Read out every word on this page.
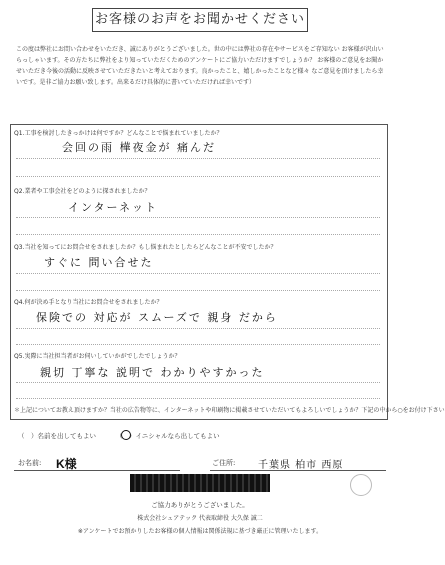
お客様のお声をお聞かせください
この度は弊社にお問い合わせをいただき、誠にありがとうございました。世の中には弊社の存在やサービスをご存知ない お客様が沢山いらっしゃいます。その方たちに弊社をより知っていただくためのアンケートにご協力いただけますでしょうか？ お客様のご意見をお聞かせいただき今後の活動に反映させていただきたいと考えております。良かったこと、嬉しかったことなど様々 なご意見を頂けましたら幸いです。是非ご協力お願い致します。出来るだけ具体的に書いていただければ幸いです）
Q1.工事を検討したきっかけは何ですか？どんなことで悩まれていましたか？
会回の雨 樺夜金が 痛んだ
Q2.業者や工事会社をどのように探されましたか？
インターネット
Q3.当社を知ってにお問合せをされましたか？もし悩まれたとしたらどんなことが不安でしたか？
すぐに 問い合せた
Q4.何が決め手となり当社にお問合せをされましたか？
保険での 対応が スムーズで 親身 だから
Q5.実際に当社担当者がお伺いしていかがでしたでしょうか？
親切 丁寧な 説明で わかりやすかった
＊上記についてお教え頂けますか？当社の広告物等に、インターネットや印刷物に掲載させていただいてもよろしいでしょうか？下記の中から○をお付け下さい
（　）名前を出してもよい	（　）イニシャルなら出してもよい
お名前: K様	ご住所: 千葉県 柏市 西原
ご協力ありがとうございました。
株式会社シュアテック 代表取締役 大久保 誠二
※アンケートでお預かりしたお客様の個人情報は関係法規に基づき厳正に管理いたします。
